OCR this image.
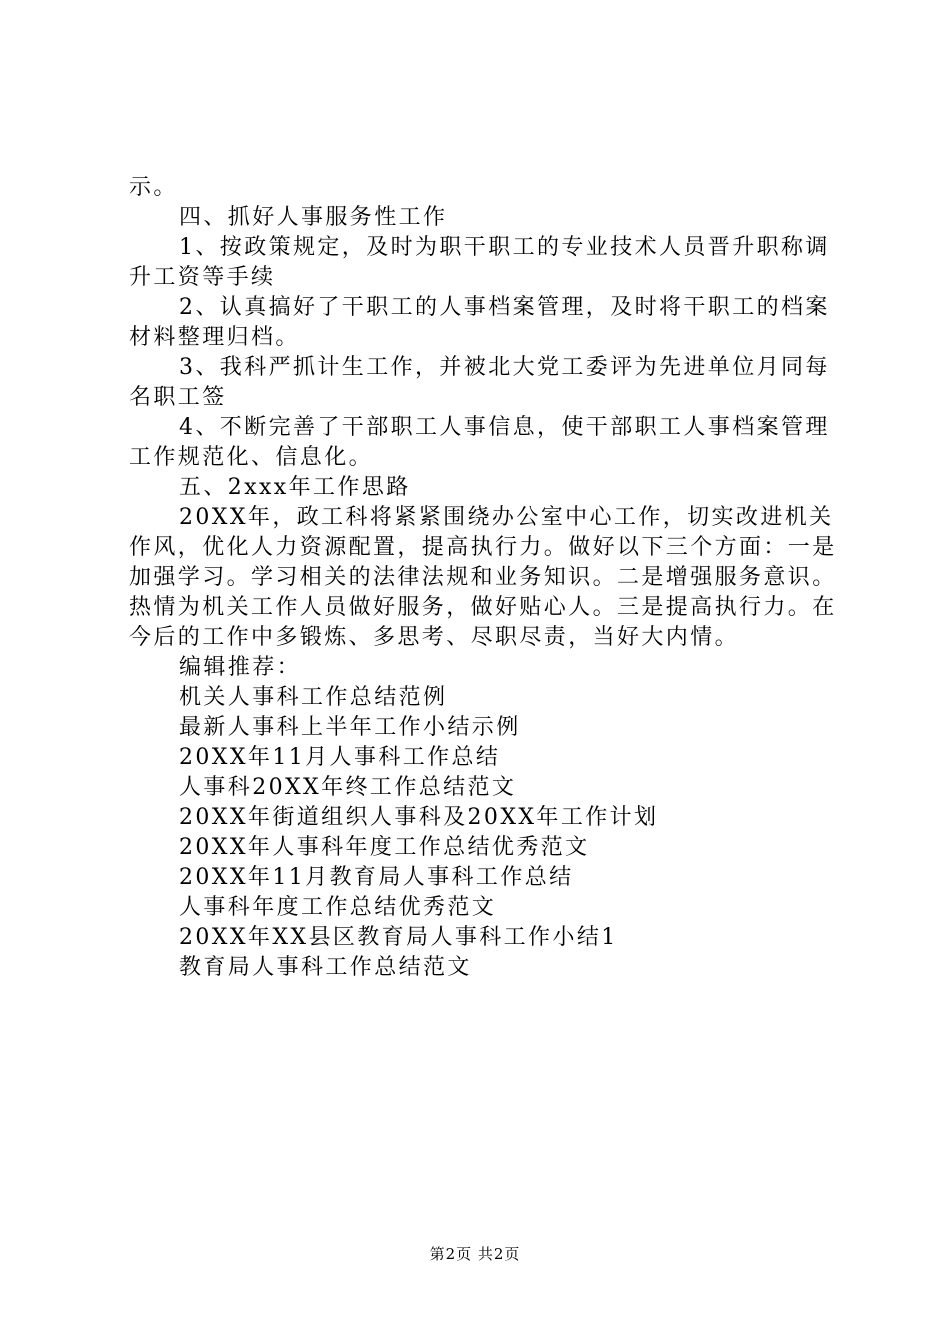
示。

四、抓好人事服务性工作

1、按政策规定，及时为职干职工的专业技术人员晋升职称调升工资等手续

2、认真搞好了干职工的人事档案管理，及时将干职工的档案材料整理归档。

3、我科严抓计生工作，并被北大党工委评为先进单位月同每名职工签

4、不断完善了干部职工人事信息，使干部职工人事档案管理工作规范化、信息化。

五、2xxx年工作思路

20XX年，政工科将紧紧围绕办公室中心工作，切实改进机关作风，优化人力资源配置，提高执行力。做好以下三个方面：一是加强学习。学习相关的法律法规和业务知识。二是增强服务意识。热情为机关工作人员做好服务，做好贴心人。三是提高执行力。在今后的工作中多锻炼、多思考、尽职尽责，当好大内情。

编辑推荐：

机关人事科工作总结范例
最新人事科上半年工作小结示例
20XX年11月人事科工作总结
人事科20XX年终工作总结范文
20XX年街道组织人事科及20XX年工作计划
20XX年人事科年度工作总结优秀范文
20XX年11月教育局人事科工作总结
人事科年度工作总结优秀范文
20XX年XX县区教育局人事科工作小结1
教育局人事科工作总结范文
第2页 共2页
